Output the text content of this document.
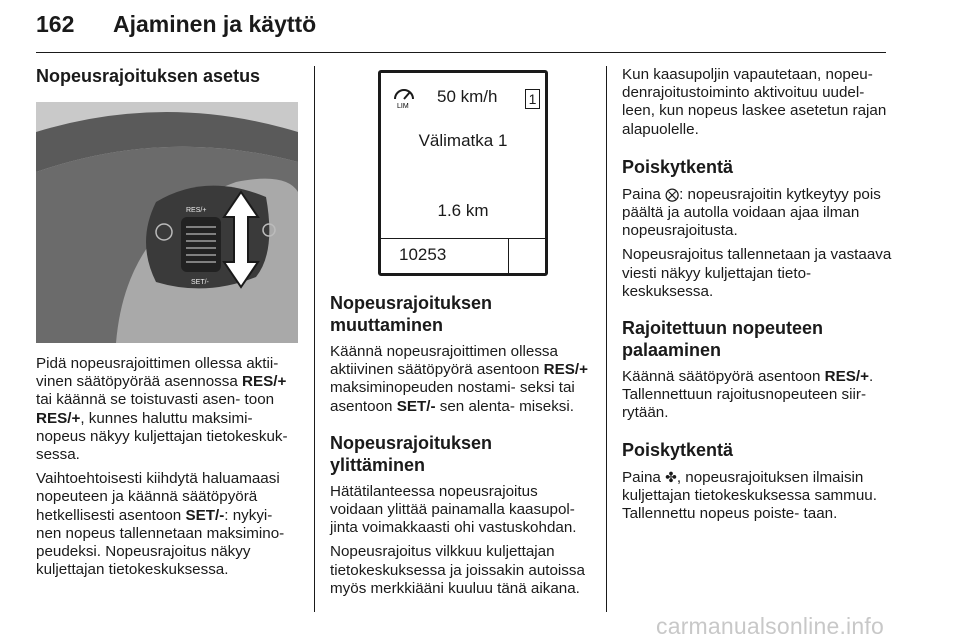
162 Ajaminen ja käyttö
Nopeusrajoituksen asetus
RES/+
SET/-

Pidä nopeusrajoittimen ollessa aktii- vinen säätöpyörää asennossa RES/+ tai käännä se toistuvasti asen- toon RES/+, kunnes haluttu maksimi- nopeus näkyy kuljettajan tietokeskuk- sessa.

Vaihtoehtoisesti kiihdytä haluamaasi nopeuteen ja käännä säätöpyörä hetkellisesti asentoon SET/-: nykyi- nen nopeus tallennetaan maksimino- peudeksi. Nopeusrajoitus näkyy kuljettajan tietokeskuksessa.

LIM
50 km/h 1
Välimatka 1
1.6 km
10253
Nopeusrajoituksen muuttaminen

Käännä nopeusrajoittimen ollessa aktiivinen säätöpyörä asentoon RES/+ maksiminopeuden nostami- seksi tai asentoon SET/- sen alenta- miseksi.

Nopeusrajoituksen ylittäminen

Hätätilanteessa nopeusrajoitus voidaan ylittää painamalla kaasupol- jinta voimakkaasti ohi vastuskohdan.

Nopeusrajoitus vilkkuu kuljettajan tietokeskuksessa ja joissakin autoissa myös merkkiääni kuuluu tänä aikana.

Kun kaasupoljin vapautetaan, nopeu- denrajoitustoiminto aktivoituu uudel- leen, kun nopeus laskee asetetun rajan alapuolelle.

Poiskytkentä

Paina ⨂: nopeusrajoitin kytkeytyy pois päältä ja autolla voidaan ajaa ilman nopeusrajoitusta.

Nopeusrajoitus tallennetaan ja vastaava viesti näkyy kuljettajan tieto- keskuksessa.

Rajoitettuun nopeuteen palaaminen

Käännä säätöpyörä asentoon RES/+. Tallennettuun rajoitusnopeuteen siir- rytään.

Poiskytkentä

Paina ✤, nopeusrajoituksen ilmaisin kuljettajan tietokeskuksessa sammuu. Tallennettu nopeus poiste- taan.

carmanualsonline.info
